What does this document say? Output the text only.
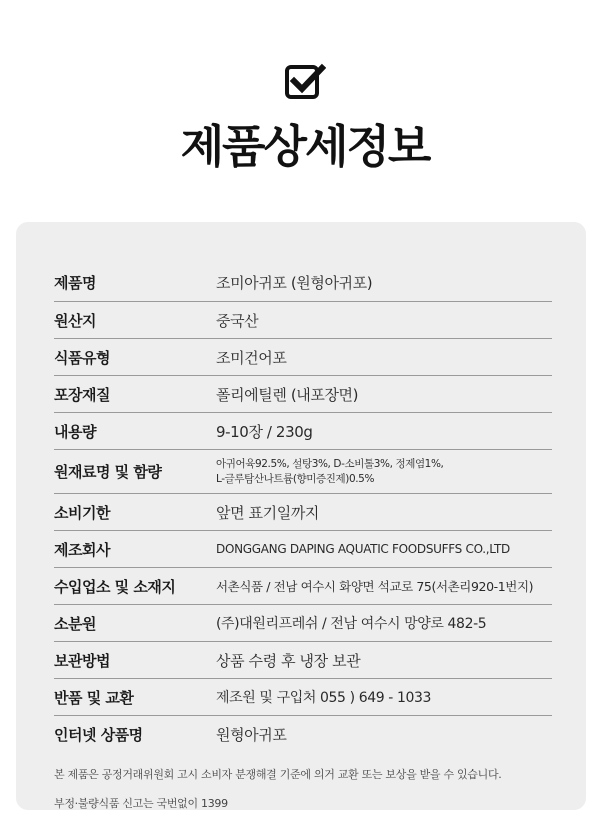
제품상세정보
제품명	조미아귀포 (원형아귀포)
원산지	중국산
식품유형	조미건어포
포장재질	폴리에틸렌 (내포장면)
내용량	9-10장 / 230g
원재료명 및 함량	아귀어육92.5%, 설탕3%, D-소비톨3%, 정제염1%,
L-글루탐산나트륨(향미증진제)0.5%
소비기한	앞면 표기일까지
제조회사	DONGGANG DAPING AQUATIC FOODSUFFS CO.,LTD
수입업소 및 소재지	서촌식품 / 전남 여수시 화양면 석교로 75(서촌리920-1번지)
소분원	(주)대원리프레쉬 / 전남 여수시 망양로 482-5
보관방법	상품 수령 후 냉장 보관
반품 및 교환	제조원 및 구입처 055 ) 649 - 1033
인터넷 상품명	원형아귀포

본 제품은 공정거래위원회 고시 소비자 분쟁해결 기준에 의거 교환 또는 보상을 받을 수 있습니다.

부정·불량식품 신고는 국번없이 1399
